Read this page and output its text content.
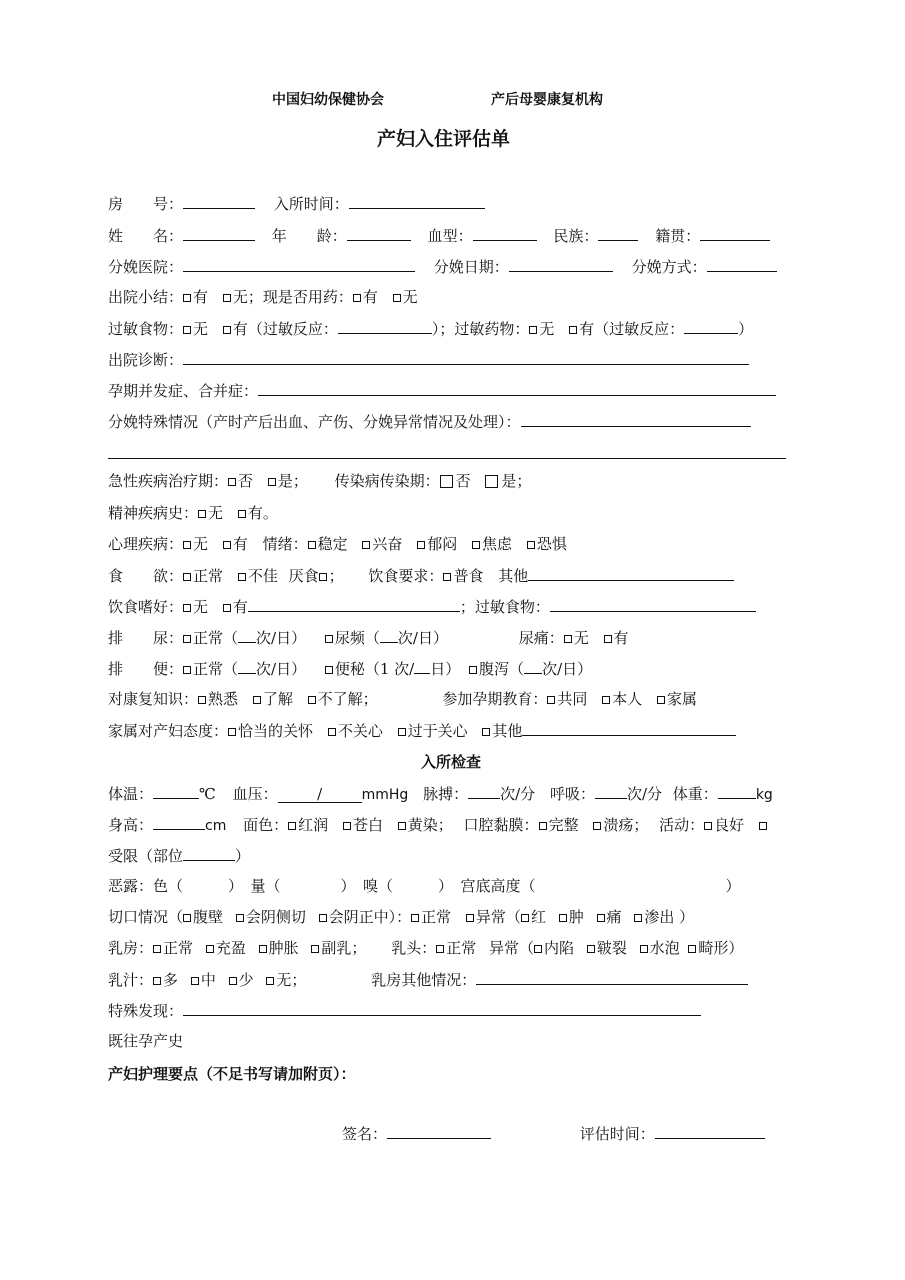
中国妇幼保健协会	产后母婴康复机构
产妇入住评估单
房　　号：	入所时间：
姓　　名：	年　　龄：	血型：	民族：	籍贯：
分娩医院：	分娩日期：	分娩方式：
出院小结： 有 无；现是否用药： 有 无
过敏食物： 无 有（过敏反应：	）；过敏药物： 无 有（过敏反应：	）
出院诊断：
孕期并发症、合并症：
分娩特殊情况（产时产后出血、产伤、分娩异常情况及处理）：
急性疾病治疗期： 否 是； 传染病传染期： 否 是；
精神疾病史： 无 有。
心理疾病： 无 有 情绪： 稳定 兴奋 郁闷 焦虑 恐惧
食　　欲： 正常 不佳 厌食 ； 饮食要求： 普食 其他
饮食嗜好： 无 有	；过敏食物：
排　　尿： 正常（ 次/日） 尿频（ 次/日）	尿痛： 无 有
排　　便： 正常（ 次/日） 便秘（1 次/ 日） 腹泻（ 次/日）
对康复知识： 熟悉 了解 不了解；	参加孕期教育： 共同 本人 家属
家属对产妇态度： 恰当的关怀 不关心 过于关心 其他
入所检查
体温：	℃ 血压：	/	mmHg 脉搏： 次/分 呼吸： 次/分 体重：	kg
身高：	cm 面色： 红润 苍白 黄染； 口腔黏膜： 完整 溃疡； 活动： 良好
受限（部位	）
恶露：色（　　　）　量（　　　　）　嗅（　　　）　宫底高度（	）
切口情况（ 腹壁 会阴侧切 会阴正中）： 正常 异常（ 红 肿 痛 渗出 ）
乳房： 正常 充盈 肿胀 副乳； 乳头： 正常 异常（ 内陷 皲裂 水泡 畸形）
乳汁： 多 中 少 无；	乳房其他情况：
特殊发现：
既往孕产史
产妇护理要点（不足书写请加附页）：
签名：	评估时间：
